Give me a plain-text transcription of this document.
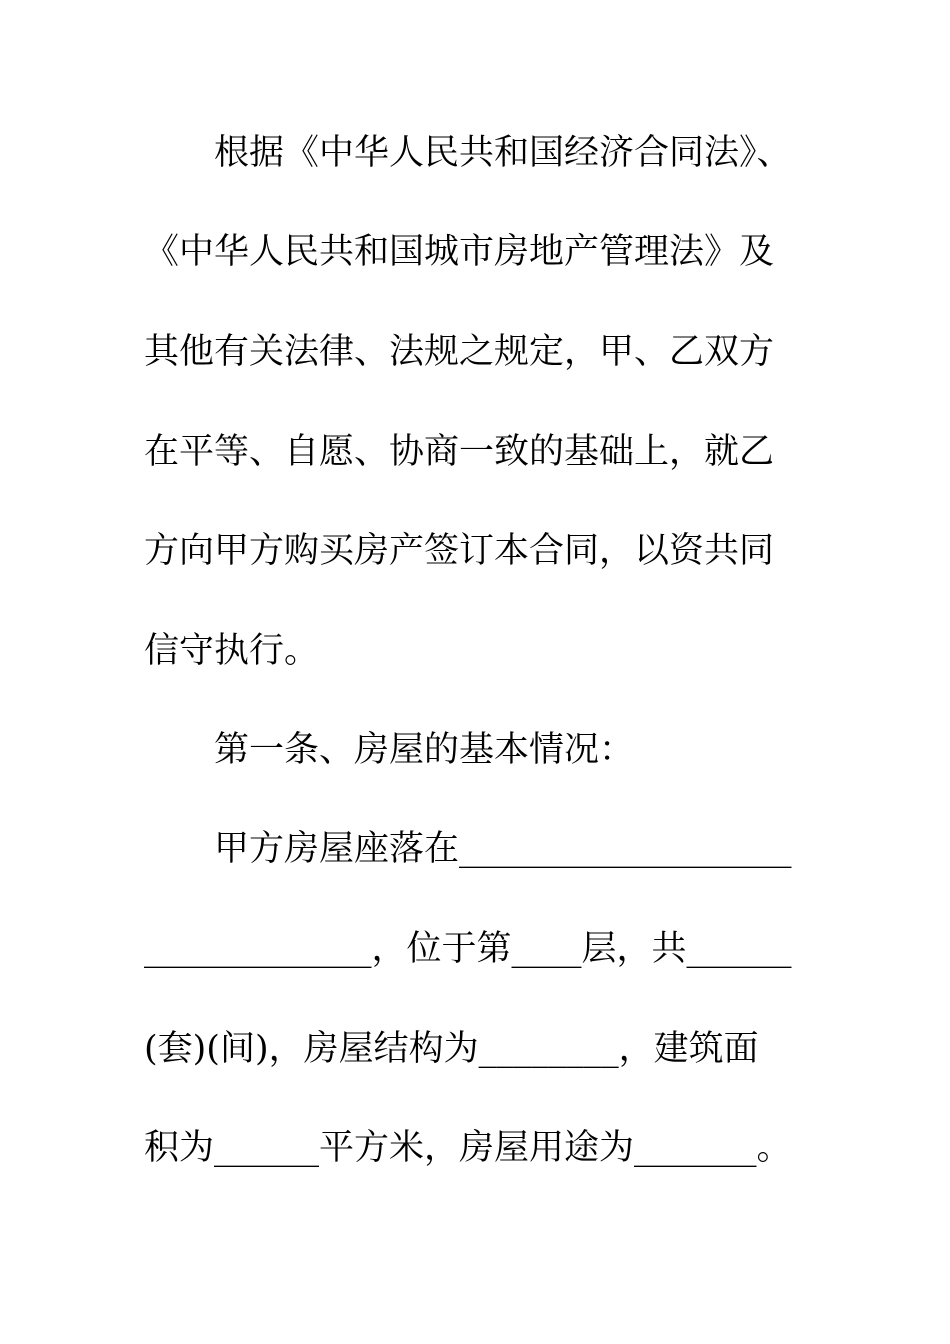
根据《中华人民共和国经济合同法》、
《中华人民共和国城市房地产管理法》及
其他有关法律、法规之规定，甲、乙双方
在平等、自愿、协商一致的基础上，就乙
方向甲方购买房产签订本合同，以资共同
信守执行。
第一条、房屋的基本情况：
甲方房屋座落在___________________
_____________，位于第____层，共______
(套)(间)，房屋结构为________，建筑面
积为______平方米，房屋用途为_______。
